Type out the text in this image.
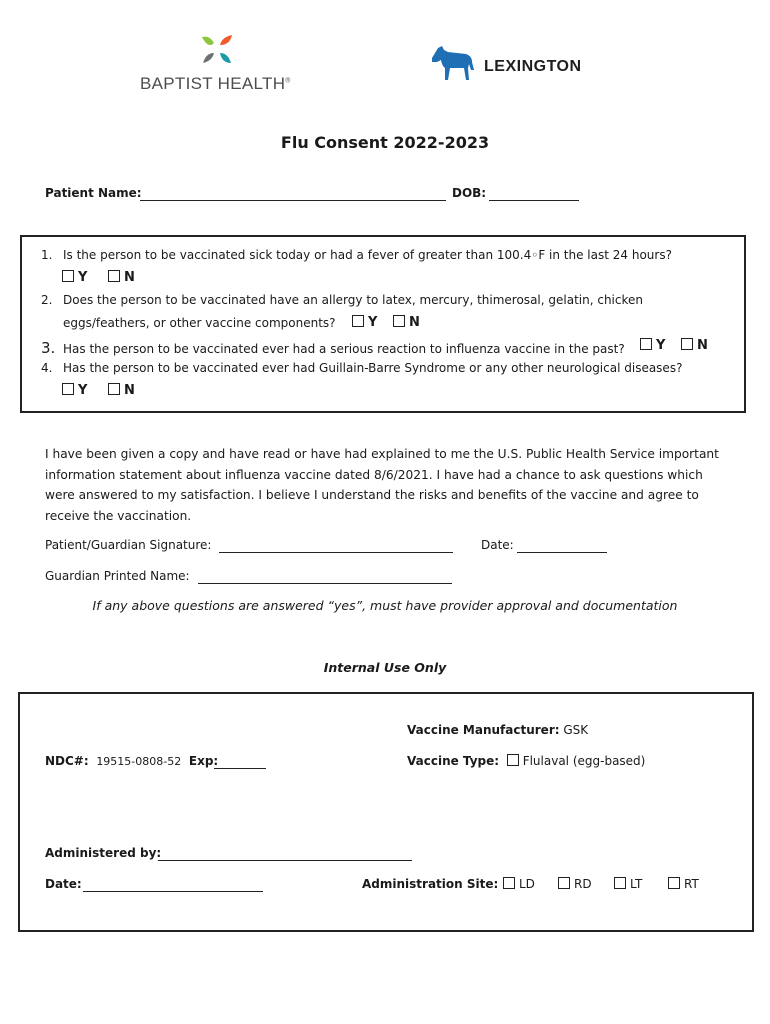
BAPTIST HEALTH®
LEXINGTON
Flu Consent 2022-2023
Patient Name:	DOB:
1. Is the person to be vaccinated sick today or had a fever of greater than 100.4◦F in the last 24 hours?
Y	N
2. Does the person to be vaccinated have an allergy to latex, mercury, thimerosal, gelatin, chicken
eggs/feathers, or other vaccine components?	Y	N
3. Has the person to be vaccinated ever had a serious reaction to influenza vaccine in the past?	Y	N
4. Has the person to be vaccinated ever had Guillain-Barre Syndrome or any other neurological diseases?
Y	N
I have been given a copy and have read or have had explained to me the U.S. Public Health Service important
information statement about influenza vaccine dated 8/6/2021. I have had a chance to ask questions which
were answered to my satisfaction. I believe I understand the risks and benefits of the vaccine and agree to
receive the vaccination.
Patient/Guardian Signature:	Date:
Guardian Printed Name:
If any above questions are answered “yes”, must have provider approval and documentation
Internal Use Only
Vaccine Manufacturer: GSK
NDC#: 19515-0808-52 Exp:	Vaccine Type: Flulaval (egg-based)
Administered by:
Date:	Administration Site:	LD	RD	LT	RT
